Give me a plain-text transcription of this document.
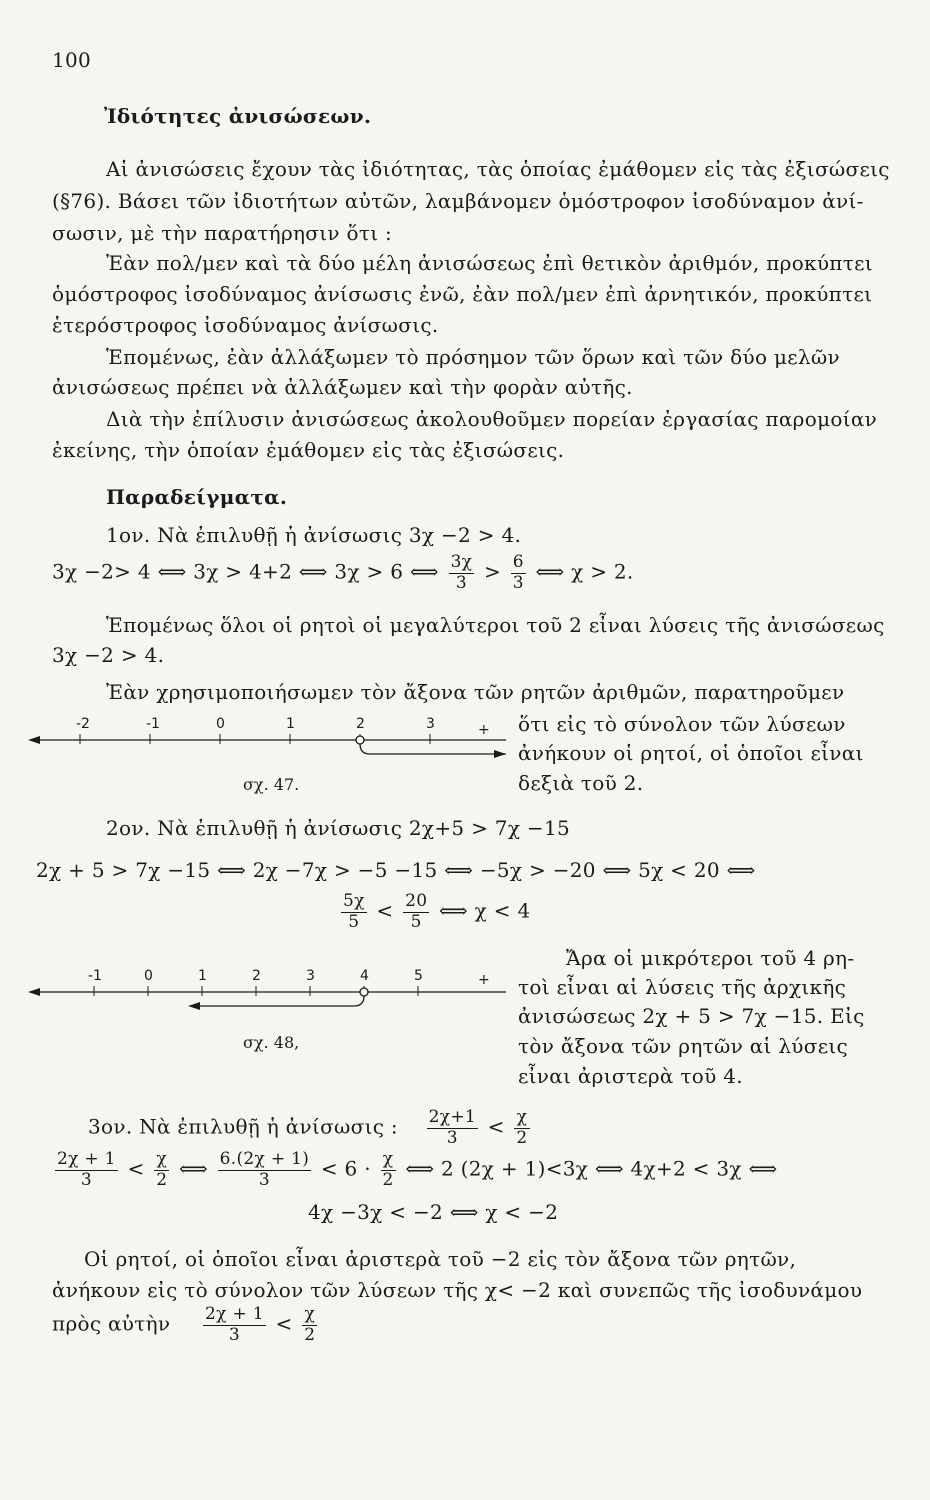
100
Ἰδιότητες ἀνισώσεων.
Αἱ ἀνισώσεις ἔχουν τὰς ἰδιότητας, τὰς ὁποίας ἐμάθομεν εἰς τὰς ἐξισώσεις
(§76). Βάσει τῶν ἰδιοτήτων αὐτῶν, λαμβάνομεν ὁμόστροφον ἰσοδύναμον ἀνί-
σωσιν, μὲ τὴν παρατήρησιν ὅτι :
Ἐὰν πολ/μεν καὶ τὰ δύο μέλη ἀνισώσεως ἐπὶ θετικὸν ἀριθμόν, προκύπτει
ὁμόστροφος ἰσοδύναμος ἀνίσωσις ἐνῶ, ἐὰν πολ/μεν ἐπὶ ἀρνητικόν, προκύπτει
ἑτερόστροφος ἰσοδύναμος ἀνίσωσις.
Ἑπομένως, ἐὰν ἀλλάξωμεν τὸ πρόσημον τῶν ὅρων καὶ τῶν δύο μελῶν
ἀνισώσεως πρέπει νὰ ἀλλάξωμεν καὶ τὴν φορὰν αὐτῆς.
Διὰ τὴν ἐπίλυσιν ἀνισώσεως ἀκολουθοῦμεν πορείαν ἐργασίας παρομοίαν
ἐκείνης, τὴν ὁποίαν ἐμάθομεν εἰς τὰς ἐξισώσεις.
Παραδείγματα.
1ον. Νὰ ἐπιλυθῇ ἡ ἀνίσωσις 3χ −2 > 4.
3χ −2> 4 ⟺ 3χ > 4+2 ⟺ 3χ > 6 ⟺ $\frac{3\chi}{3} > \frac{6}{3}$ ⟺ χ > 2.
Ἑπομένως ὅλοι οἱ ρητοὶ οἱ μεγαλύτεροι τοῦ 2 εἶναι λύσεις τῆς ἀνισώσεως
3χ −2 > 4.
Ἐὰν χρησιμοποιήσωμεν τὸν ἄξονα τῶν ρητῶν ἀριθμῶν, παρατηροῦμεν
-2	-1	0	1	2	3	+
σχ. 47.
ὅτι εἰς τὸ σύνολον τῶν λύσεων
ἀνήκουν οἱ ρητοί, οἱ ὁποῖοι εἶναι
δεξιὰ τοῦ 2.
2ον. Νὰ ἐπιλυθῇ ἡ ἀνίσωσις 2χ+5 > 7χ −15
2χ + 5 > 7χ −15 ⟺ 2χ −7χ > −5 −15 ⟺ −5χ > −20 ⟺ 5χ < 20 ⟺
$\frac{5\chi}{5} < \frac{20}{5}$ ⟺ χ < 4
-1	0	1	2	3	4	5	+
σχ. 48,
Ἄρα οἱ μικρότεροι τοῦ 4 ρη-
τοὶ εἶναι αἱ λύσεις τῆς ἀρχικῆς
ἀνισώσεως 2χ + 5 > 7χ −15. Εἰς
τὸν ἄξονα τῶν ρητῶν αἱ λύσεις
εἶναι ἀριστερὰ τοῦ 4.
3ον. Νὰ ἐπιλυθῇ ἡ ἀνίσωσις : $\frac{2\chi+1}{3} < \frac{\chi}{2}$
$\frac{2\chi + 1}{3} < \frac{\chi}{2}$ ⟺ $\frac{6.(2\chi + 1)}{3} < 6 \cdot \frac{\chi}{2}$ ⟺ 2 (2χ + 1)<3χ ⟺ 4χ+2 < 3χ ⟺
4χ −3χ < −2 ⟺ χ < −2
Οἱ ρητοί, οἱ ὁποῖοι εἶναι ἀριστερὰ τοῦ −2 εἰς τὸν ἄξονα τῶν ρητῶν,
ἀνήκουν εἰς τὸ σύνολον τῶν λύσεων τῆς χ< −2 καὶ συνεπῶς τῆς ἰσοδυνάμου
πρὸς αὐτὴν $\frac{2\chi + 1}{3} < \frac{\chi}{2}$
